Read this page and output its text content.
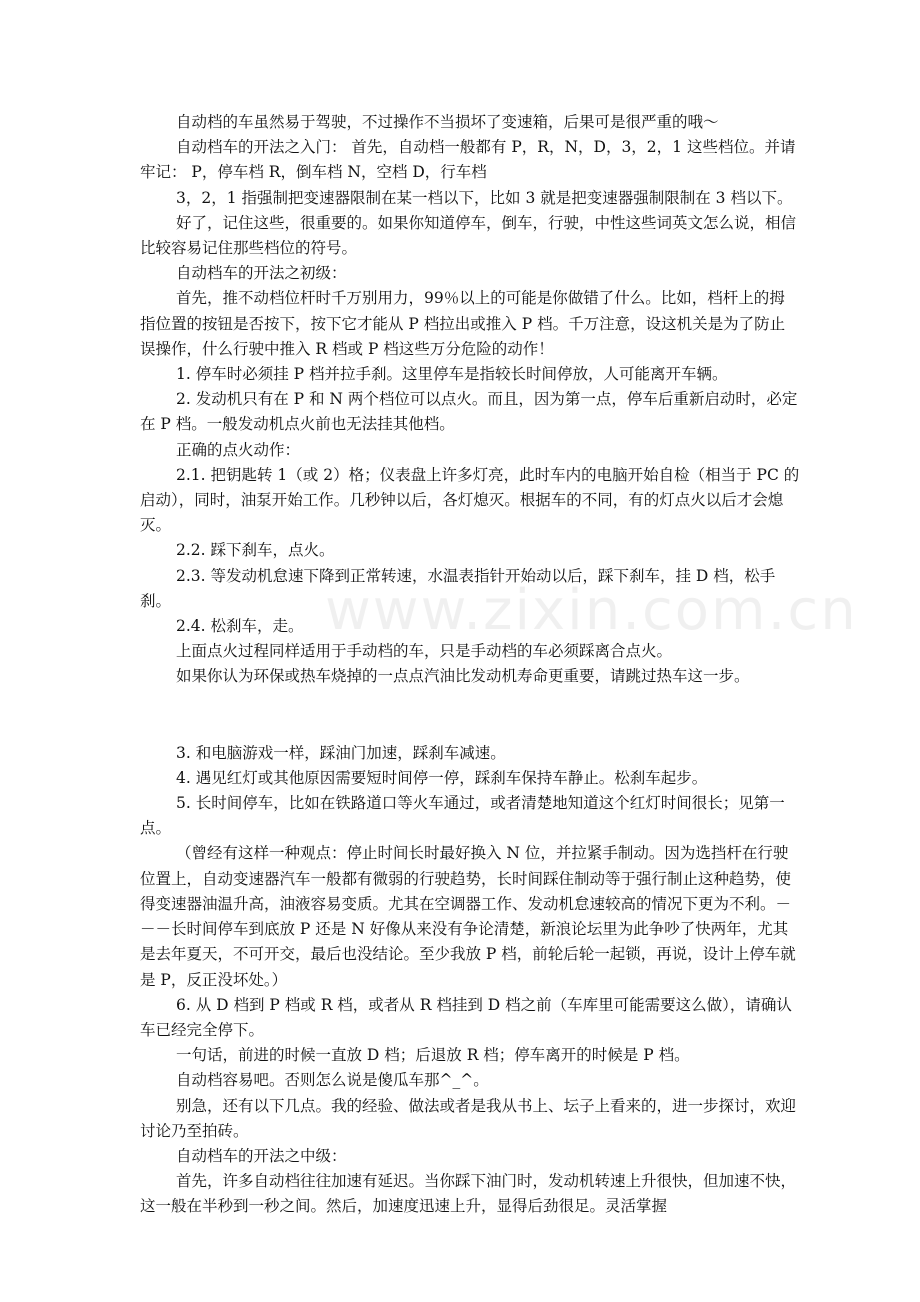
www.zixin.com.cn

自动档的车虽然易于驾驶，不过操作不当损坏了变速箱，后果可是很严重的哦～

自动档车的开法之入门： 首先，自动档一般都有 P，R，N，D，3，2，1 这些档位。并请牢记： P，停车档 R，倒车档 N，空档 D，行车档

3，2，1 指强制把变速器限制在某一档以下，比如 3 就是把变速器强制限制在 3 档以下。

好了，记住这些，很重要的。如果你知道停车，倒车，行驶，中性这些词英文怎么说，相信比较容易记住那些档位的符号。

自动档车的开法之初级：

首先，推不动档位杆时千万别用力，99％以上的可能是你做错了什么。比如，档杆上的拇指位置的按钮是否按下，按下它才能从 P 档拉出或推入 P 档。千万注意，设这机关是为了防止误操作，什么行驶中推入 R 档或 P 档这些万分危险的动作！

1. 停车时必须挂 P 档并拉手刹。这里停车是指较长时间停放，人可能离开车辆。

2. 发动机只有在 P 和 N 两个档位可以点火。而且，因为第一点，停车后重新启动时，必定在 P 档。一般发动机点火前也无法挂其他档。

正确的点火动作：

2.1. 把钥匙转 1（或 2）格；仪表盘上许多灯亮，此时车内的电脑开始自检（相当于 PC 的启动），同时，油泵开始工作。几秒钟以后，各灯熄灭。根据车的不同，有的灯点火以后才会熄灭。

2.2. 踩下刹车，点火。

2.3. 等发动机怠速下降到正常转速，水温表指针开始动以后，踩下刹车，挂 D 档，松手刹。

2.4. 松刹车，走。

上面点火过程同样适用于手动档的车，只是手动档的车必须踩离合点火。

如果你认为环保或热车烧掉的一点点汽油比发动机寿命更重要，请跳过热车这一步。

3. 和电脑游戏一样，踩油门加速，踩刹车减速。

4. 遇见红灯或其他原因需要短时间停一停，踩刹车保持车静止。松刹车起步。

5. 长时间停车，比如在铁路道口等火车通过，或者清楚地知道这个红灯时间很长；见第一点。

（曾经有这样一种观点：停止时间长时最好换入 N 位，并拉紧手制动。因为选挡杆在行驶位置上，自动变速器汽车一般都有微弱的行驶趋势，长时间踩住制动等于强行制止这种趋势，使得变速器油温升高，油液容易变质。尤其在空调器工作、发动机怠速较高的情况下更为不利。－－－长时间停车到底放 P 还是 N 好像从来没有争论清楚，新浪论坛里为此争吵了快两年，尤其是去年夏天，不可开交，最后也没结论。至少我放 P 档，前轮后轮一起锁，再说，设计上停车就是 P，反正没坏处。）

6. 从 D 档到 P 档或 R 档，或者从 R 档挂到 D 档之前（车库里可能需要这么做），请确认车已经完全停下。

一句话，前进的时候一直放 D 档；后退放 R 档；停车离开的时候是 P 档。

自动档容易吧。否则怎么说是傻瓜车那^_^。

别急，还有以下几点。我的经验、做法或者是我从书上、坛子上看来的，进一步探讨，欢迎讨论乃至拍砖。

自动档车的开法之中级：

首先，许多自动档往往加速有延迟。当你踩下油门时，发动机转速上升很快，但加速不快，这一般在半秒到一秒之间。然后，加速度迅速上升，显得后劲很足。灵活掌握
